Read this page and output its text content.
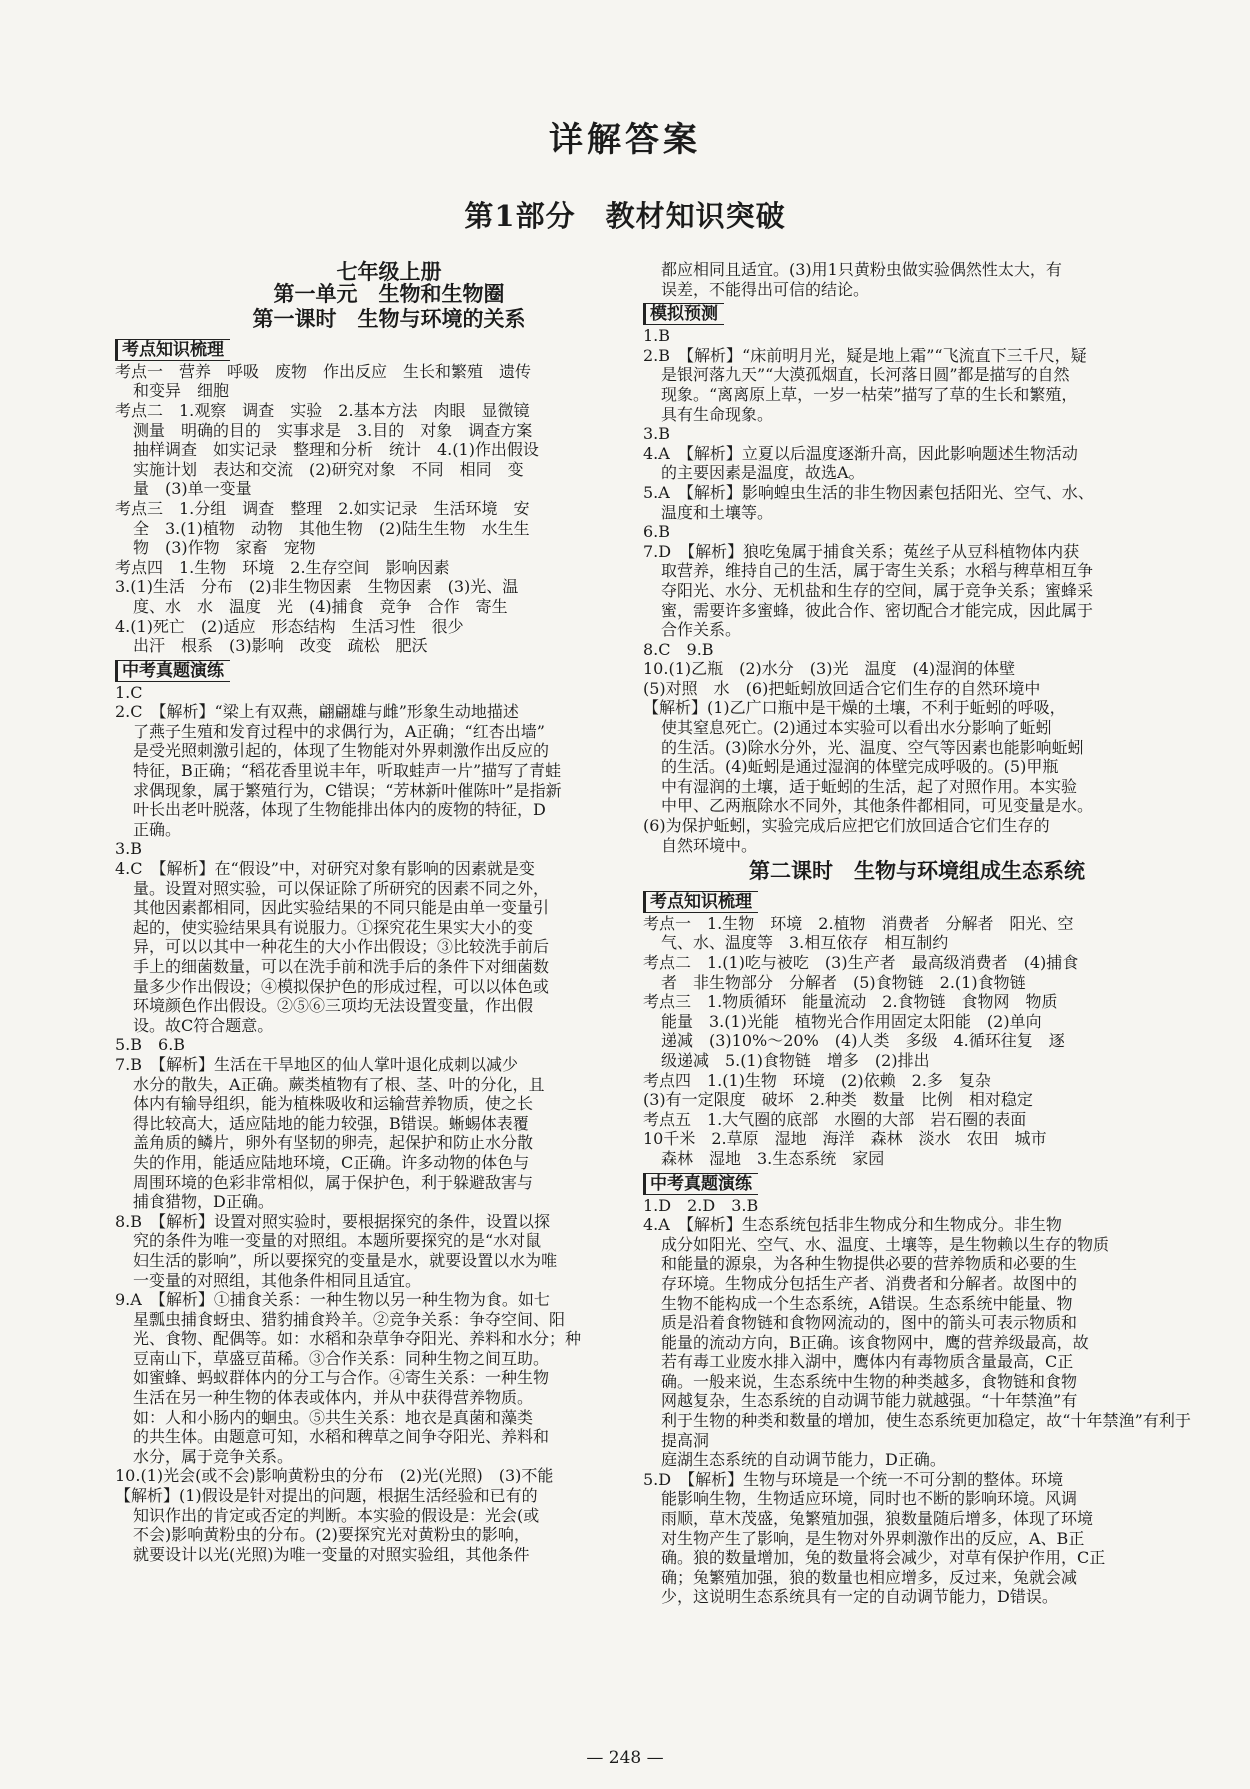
详解答案
第1部分　教材知识突破
七年级上册
第一单元　生物和生物圈
第一课时　生物与环境的关系
考点知识梳理

考点一　营养　呼吸　废物　作出反应　生长和繁殖　遗传

和变异　细胞

考点二　1.观察　调查　实验　2.基本方法　肉眼　显微镜

测量　明确的目的　实事求是　3.目的　对象　调查方案

抽样调查　如实记录　整理和分析　统计　4.(1)作出假设

实施计划　表达和交流　(2)研究对象　不同　相同　变

量　(3)单一变量

考点三　1.分组　调查　整理　2.如实记录　生活环境　安

全　3.(1)植物　动物　其他生物　(2)陆生生物　水生生

物　(3)作物　家畜　宠物

考点四　1.生物　环境　2.生存空间　影响因素

3.(1)生活　分布　(2)非生物因素　生物因素　(3)光、温

度、水　水　温度　光　(4)捕食　竞争　合作　寄生

4.(1)死亡　(2)适应　形态结构　生活习性　很少

出汗　根系　(3)影响　改变　疏松　肥沃

中考真题演练

1.C

2.C　【解析】“梁上有双燕，翩翩雄与雌”形象生动地描述

了燕子生殖和发育过程中的求偶行为，A正确；“红杏出墙”

是受光照刺激引起的，体现了生物能对外界刺激作出反应的

特征，B正确；“稻花香里说丰年，听取蛙声一片”描写了青蛙

求偶现象，属于繁殖行为，C错误；“芳林新叶催陈叶”是指新

叶长出老叶脱落，体现了生物能排出体内的废物的特征，D

正确。

3.B

4.C　【解析】在“假设”中，对研究对象有影响的因素就是变

量。设置对照实验，可以保证除了所研究的因素不同之外，

其他因素都相同，因此实验结果的不同只能是由单一变量引

起的，使实验结果具有说服力。①探究花生果实大小的变

异，可以以其中一种花生的大小作出假设；③比较洗手前后

手上的细菌数量，可以在洗手前和洗手后的条件下对细菌数

量多少作出假设；④模拟保护色的形成过程，可以以体色或

环境颜色作出假设。②⑤⑥三项均无法设置变量，作出假

设。故C符合题意。

5.B　6.B

7.B　【解析】生活在干旱地区的仙人掌叶退化成刺以减少

水分的散失，A正确。蕨类植物有了根、茎、叶的分化，且

体内有输导组织，能为植株吸收和运输营养物质，使之长

得比较高大，适应陆地的能力较强，B错误。蜥蜴体表覆

盖角质的鳞片，卵外有坚韧的卵壳，起保护和防止水分散

失的作用，能适应陆地环境，C正确。许多动物的体色与

周围环境的色彩非常相似，属于保护色，利于躲避敌害与

捕食猎物，D正确。

8.B　【解析】设置对照实验时，要根据探究的条件，设置以探

究的条件为唯一变量的对照组。本题所要探究的是“水对鼠

妇生活的影响”，所以要探究的变量是水，就要设置以水为唯

一变量的对照组，其他条件相同且适宜。

9.A　【解析】①捕食关系：一种生物以另一种生物为食。如七

星瓢虫捕食蚜虫、猎豹捕食羚羊。②竞争关系：争夺空间、阳

光、食物、配偶等。如：水稻和杂草争夺阳光、养料和水分；种

豆南山下，草盛豆苗稀。③合作关系：同种生物之间互助。

如蜜蜂、蚂蚁群体内的分工与合作。④寄生关系：一种生物

生活在另一种生物的体表或体内，并从中获得营养物质。

如：人和小肠内的蛔虫。⑤共生关系：地衣是真菌和藻类

的共生体。由题意可知，水稻和稗草之间争夺阳光、养料和

水分，属于竞争关系。

10.(1)光会(或不会)影响黄粉虫的分布　(2)光(光照)　(3)不能

【解析】(1)假设是针对提出的问题，根据生活经验和已有的

知识作出的肯定或否定的判断。本实验的假设是：光会(或

不会)影响黄粉虫的分布。(2)要探究光对黄粉虫的影响，

就要设计以光(光照)为唯一变量的对照实验组，其他条件

都应相同且适宜。(3)用1只黄粉虫做实验偶然性太大，有

误差，不能得出可信的结论。

模拟预测

1.B

2.B　【解析】“床前明月光，疑是地上霜”“飞流直下三千尺，疑

是银河落九天”“大漠孤烟直，长河落日圆”都是描写的自然

现象。“离离原上草，一岁一枯荣”描写了草的生长和繁殖，

具有生命现象。

3.B

4.A　【解析】立夏以后温度逐渐升高，因此影响题述生物活动

的主要因素是温度，故选A。

5.A　【解析】影响蝗虫生活的非生物因素包括阳光、空气、水、

温度和土壤等。

6.B

7.D　【解析】狼吃兔属于捕食关系；菟丝子从豆科植物体内获

取营养，维持自己的生活，属于寄生关系；水稻与稗草相互争

夺阳光、水分、无机盐和生存的空间，属于竞争关系；蜜蜂采

蜜，需要许多蜜蜂，彼此合作、密切配合才能完成，因此属于

合作关系。

8.C　9.B

10.(1)乙瓶　(2)水分　(3)光　温度　(4)湿润的体壁

(5)对照　水　(6)把蚯蚓放回适合它们生存的自然环境中

【解析】(1)乙广口瓶中是干燥的土壤，不利于蚯蚓的呼吸，

使其窒息死亡。(2)通过本实验可以看出水分影响了蚯蚓

的生活。(3)除水分外，光、温度、空气等因素也能影响蚯蚓

的生活。(4)蚯蚓是通过湿润的体壁完成呼吸的。(5)甲瓶

中有湿润的土壤，适于蚯蚓的生活，起了对照作用。本实验

中甲、乙两瓶除水不同外，其他条件都相同，可见变量是水。

(6)为保护蚯蚓，实验完成后应把它们放回适合它们生存的

自然环境中。

第二课时　生物与环境组成生态系统
考点知识梳理

考点一　1.生物　环境　2.植物　消费者　分解者　阳光、空

气、水、温度等　3.相互依存　相互制约

考点二　1.(1)吃与被吃　(3)生产者　最高级消费者　(4)捕食

者　非生物部分　分解者　(5)食物链　2.(1)食物链

考点三　1.物质循环　能量流动　2.食物链　食物网　物质

能量　3.(1)光能　植物光合作用固定太阳能　(2)单向

递减　(3)10%～20%　(4)人类　多级　4.循环往复　逐

级递减　5.(1)食物链　增多　(2)排出

考点四　1.(1)生物　环境　(2)依赖　2.多　复杂

(3)有一定限度　破坏　2.种类　数量　比例　相对稳定

考点五　1.大气圈的底部　水圈的大部　岩石圈的表面

10千米　2.草原　湿地　海洋　森林　淡水　农田　城市

森林　湿地　3.生态系统　家园

中考真题演练

1.D　2.D　3.B

4.A　【解析】生态系统包括非生物成分和生物成分。非生物

成分如阳光、空气、水、温度、土壤等，是生物赖以生存的物质

和能量的源泉，为各种生物提供必要的营养物质和必要的生

存环境。生物成分包括生产者、消费者和分解者。故图中的

生物不能构成一个生态系统，A错误。生态系统中能量、物

质是沿着食物链和食物网流动的，图中的箭头可表示物质和

能量的流动方向，B正确。该食物网中，鹰的营养级最高，故

若有毒工业废水排入湖中，鹰体内有毒物质含量最高，C正

确。一般来说，生态系统中生物的种类越多，食物链和食物

网越复杂，生态系统的自动调节能力就越强。“十年禁渔”有

利于生物的种类和数量的增加，使生态系统更加稳定，故“十年禁渔”有利于提高洞

庭湖生态系统的自动调节能力，D正确。

5.D　【解析】生物与环境是一个统一不可分割的整体。环境

能影响生物，生物适应环境，同时也不断的影响环境。风调

雨顺，草木茂盛，兔繁殖加强，狼数量随后增多，体现了环境

对生物产生了影响，是生物对外界刺激作出的反应，A、B正

确。狼的数量增加，兔的数量将会减少，对草有保护作用，C正

确；兔繁殖加强，狼的数量也相应增多，反过来，兔就会减

少，这说明生态系统具有一定的自动调节能力，D错误。

— 248 —
